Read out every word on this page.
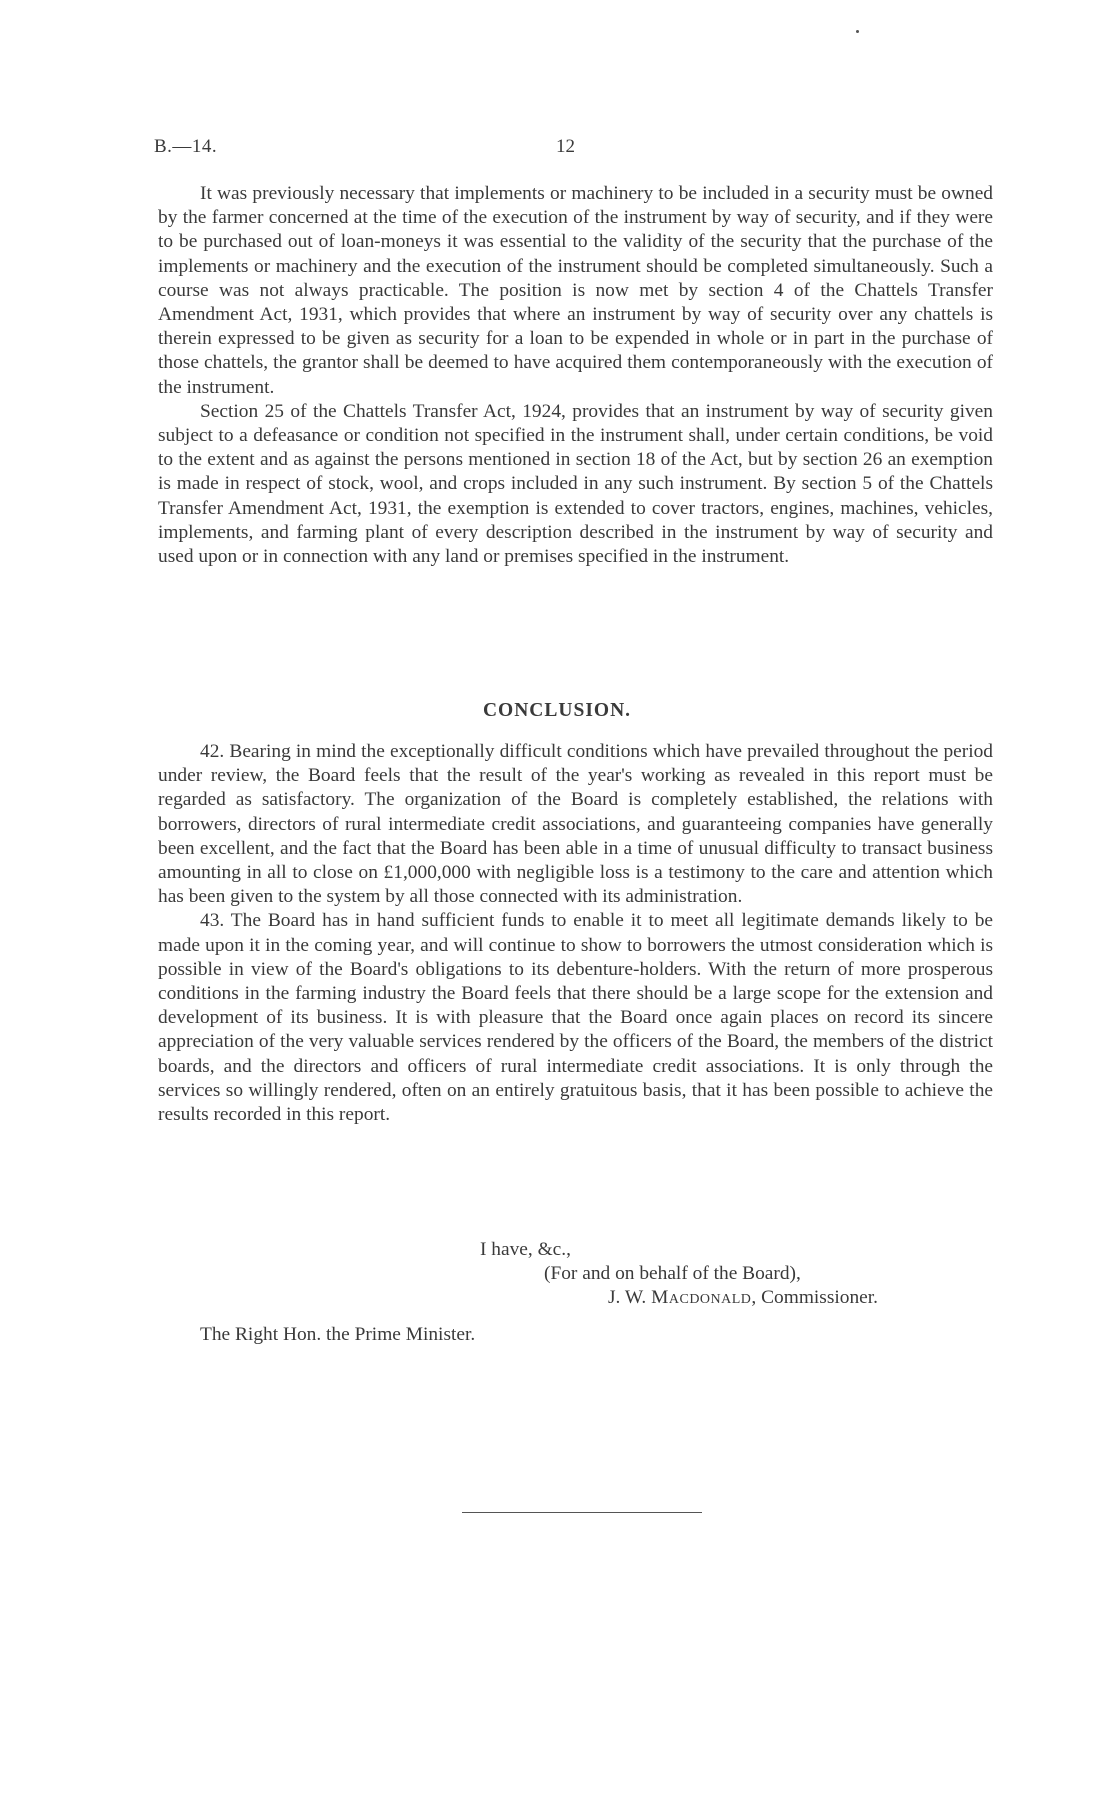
B.—14.	12

It was previously necessary that implements or machinery to be included in a security must be owned by the farmer concerned at the time of the execution of the instrument by way of security, and if they were to be purchased out of loan-moneys it was essential to the validity of the security that the purchase of the implements or machinery and the execution of the instrument should be completed simultaneously. Such a course was not always practicable. The position is now met by section 4 of the Chattels Transfer Amendment Act, 1931, which provides that where an instrument by way of security over any chattels is therein expressed to be given as security for a loan to be expended in whole or in part in the purchase of those chattels, the grantor shall be deemed to have acquired them contemporaneously with the execution of the instrument.

Section 25 of the Chattels Transfer Act, 1924, provides that an instrument by way of security given subject to a defeasance or condition not specified in the instrument shall, under certain conditions, be void to the extent and as against the persons mentioned in section 18 of the Act, but by section 26 an exemption is made in respect of stock, wool, and crops included in any such instrument. By section 5 of the Chattels Transfer Amendment Act, 1931, the exemption is extended to cover tractors, engines, machines, vehicles, implements, and farming plant of every description described in the instrument by way of security and used upon or in connection with any land or premises specified in the instrument.

CONCLUSION.

42. Bearing in mind the exceptionally difficult conditions which have prevailed throughout the period under review, the Board feels that the result of the year's working as revealed in this report must be regarded as satisfactory. The organization of the Board is completely established, the relations with borrowers, directors of rural intermediate credit associations, and guaranteeing companies have generally been excellent, and the fact that the Board has been able in a time of unusual difficulty to transact business amounting in all to close on £1,000,000 with negligible loss is a testimony to the care and attention which has been given to the system by all those connected with its administration.

43. The Board has in hand sufficient funds to enable it to meet all legitimate demands likely to be made upon it in the coming year, and will continue to show to borrowers the utmost consideration which is possible in view of the Board's obligations to its debenture-holders. With the return of more prosperous conditions in the farming industry the Board feels that there should be a large scope for the extension and development of its business. It is with pleasure that the Board once again places on record its sincere appreciation of the very valuable services rendered by the officers of the Board, the members of the district boards, and the directors and officers of rural intermediate credit associations. It is only through the services so willingly rendered, often on an entirely gratuitous basis, that it has been possible to achieve the results recorded in this report.

I have, &c.,
(For and on behalf of the Board),
J. W. Macdonald, Commissioner.
The Right Hon. the Prime Minister.
